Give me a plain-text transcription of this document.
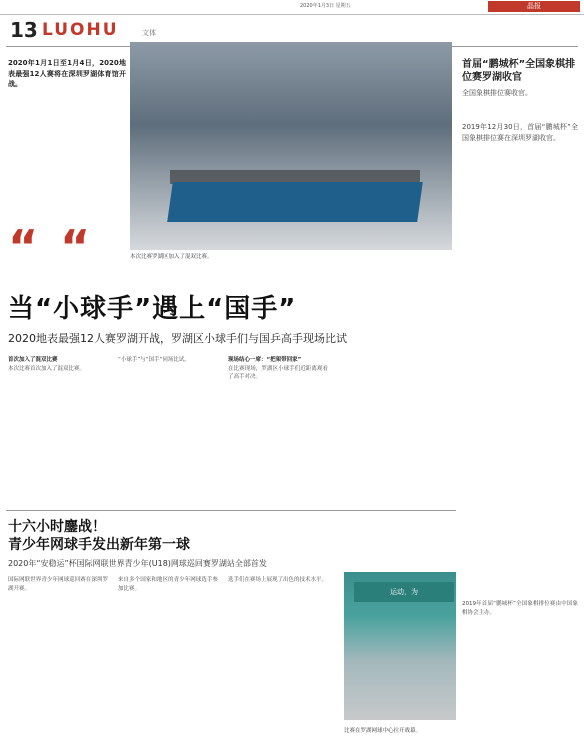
2020年1月3日 星期五	晶报
13 LUOHU	文体
2020年1月1日至1月4日，2020地表最强12人赛将在深圳罗湖体育馆开战。
“ “	本次比赛罗湖区加入了混双比赛。
首届“鹏城杯”全国象棋排位赛罗湖收官
全国象棋排位赛收官。
2019年12月30日，首届“鹏城杯”全国象棋排位赛在深圳罗湖收官。
当“小球手”遇上“国手”
2020地表最强12人赛罗湖开战，罗湖区小球手们与国乒高手现场比试
首次加入了混双比赛
本次比赛首次加入了混双比赛。
“小球手”与“国手”同场比试。	现场结心一席：“把架带回家”
在比赛现场，罗湖区小球手们近距离观看了高手对决。
十六小时鏖战！
青少年网球手发出新年第一球
2020年“安稳运”杯国际网联世界青少年(U18)网球巡回赛罗湖站全部首发
国际网联世界青少年网球巡回赛在深圳罗湖开赛。
来自多个国家和地区的青少年网球选手参加比赛。
选手们在赛场上展现了出色的技术水平。
运动，为
比赛在罗湖网球中心拉开战幕。
2019年首届“鹏城杯”全国象棋排位赛由中国象棋协会主办。
